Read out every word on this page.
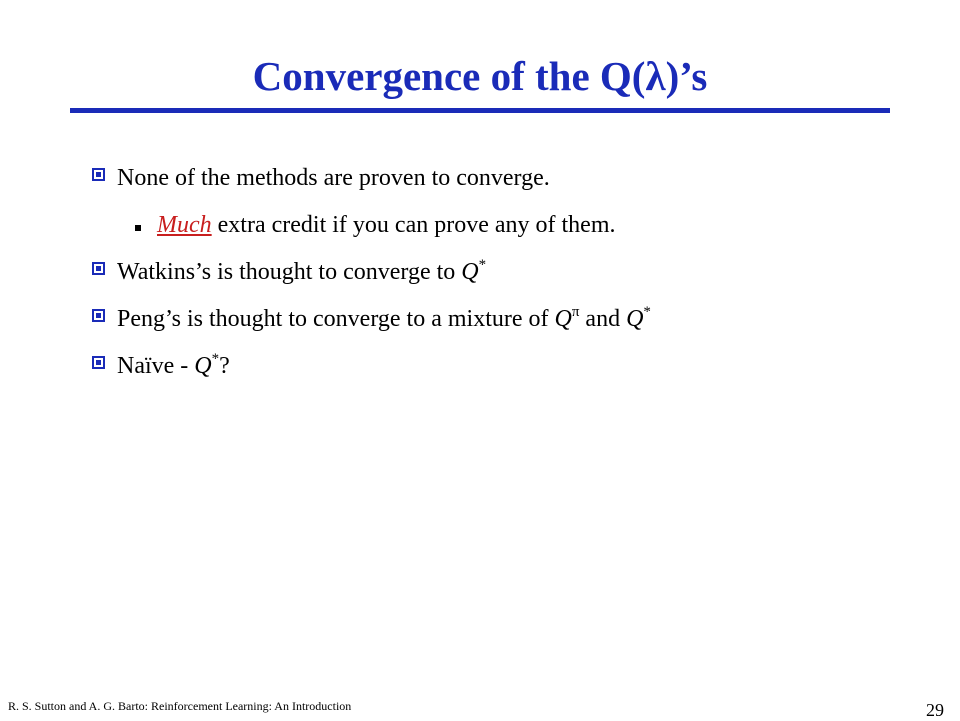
Convergence of the Q(λ)’s
None of the methods are proven to converge.
Much extra credit if you can prove any of them.
Watkins’s is thought to converge to Q*
Peng’s is thought to converge to a mixture of $Q^\pi$ and Q*
Naïve - Q*?
R. S. Sutton and A. G. Barto: Reinforcement Learning: An Introduction	29
